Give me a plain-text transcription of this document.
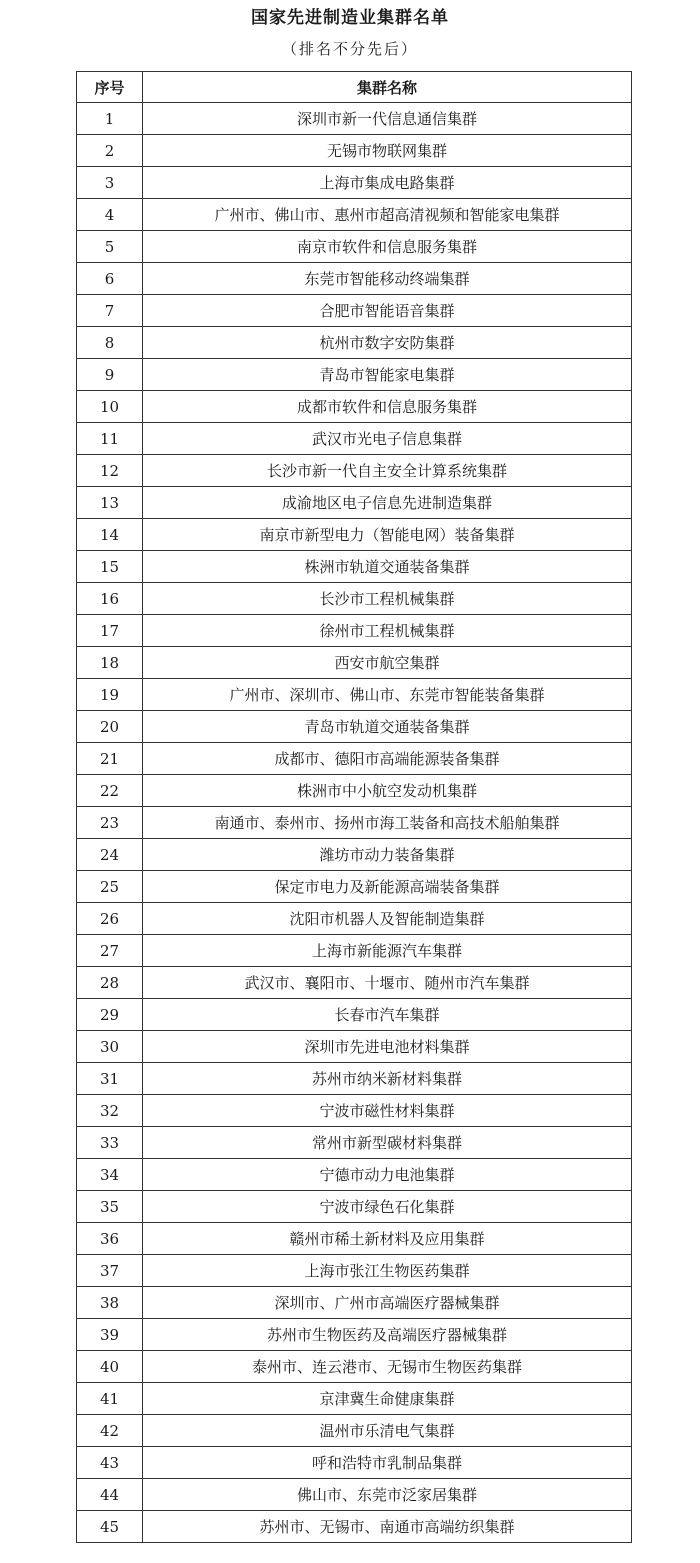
国家先进制造业集群名单
（排名不分先后）
序号	集群名称
1	深圳市新一代信息通信集群
2	无锡市物联网集群
3	上海市集成电路集群
4	广州市、佛山市、惠州市超高清视频和智能家电集群
5	南京市软件和信息服务集群
6	东莞市智能移动终端集群
7	合肥市智能语音集群
8	杭州市数字安防集群
9	青岛市智能家电集群
10	成都市软件和信息服务集群
11	武汉市光电子信息集群
12	长沙市新一代自主安全计算系统集群
13	成渝地区电子信息先进制造集群
14	南京市新型电力（智能电网）装备集群
15	株洲市轨道交通装备集群
16	长沙市工程机械集群
17	徐州市工程机械集群
18	西安市航空集群
19	广州市、深圳市、佛山市、东莞市智能装备集群
20	青岛市轨道交通装备集群
21	成都市、德阳市高端能源装备集群
22	株洲市中小航空发动机集群
23	南通市、泰州市、扬州市海工装备和高技术船舶集群
24	潍坊市动力装备集群
25	保定市电力及新能源高端装备集群
26	沈阳市机器人及智能制造集群
27	上海市新能源汽车集群
28	武汉市、襄阳市、十堰市、随州市汽车集群
29	长春市汽车集群
30	深圳市先进电池材料集群
31	苏州市纳米新材料集群
32	宁波市磁性材料集群
33	常州市新型碳材料集群
34	宁德市动力电池集群
35	宁波市绿色石化集群
36	赣州市稀土新材料及应用集群
37	上海市张江生物医药集群
38	深圳市、广州市高端医疗器械集群
39	苏州市生物医药及高端医疗器械集群
40	泰州市、连云港市、无锡市生物医药集群
41	京津冀生命健康集群
42	温州市乐清电气集群
43	呼和浩特市乳制品集群
44	佛山市、东莞市泛家居集群
45	苏州市、无锡市、南通市高端纺织集群
